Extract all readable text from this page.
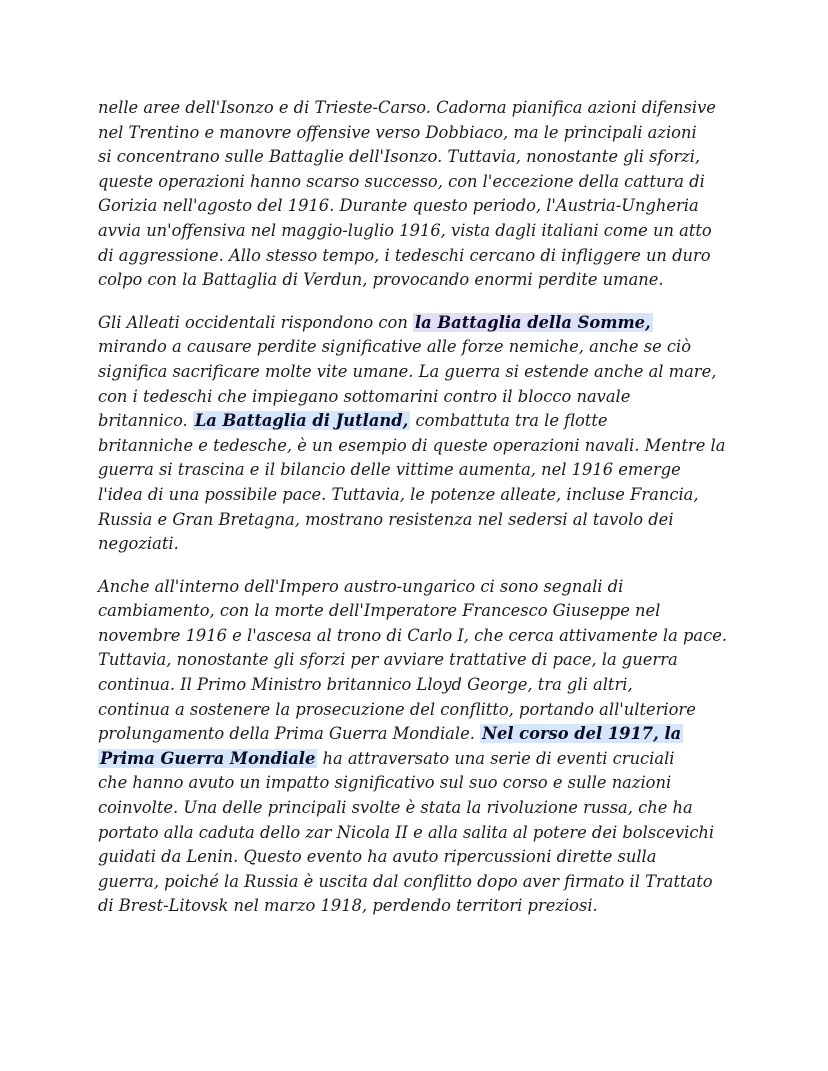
nelle aree dell'Isonzo e di Trieste-Carso. Cadorna pianifica azioni difensive
nel Trentino e manovre offensive verso Dobbiaco, ma le principali azioni
si concentrano sulle Battaglie dell'Isonzo. Tuttavia, nonostante gli sforzi,
queste operazioni hanno scarso successo, con l'eccezione della cattura di
Gorizia nell'agosto del 1916. Durante questo periodo, l'Austria-Ungheria
avvia un'offensiva nel maggio-luglio 1916, vista dagli italiani come un atto
di aggressione. Allo stesso tempo, i tedeschi cercano di infliggere un duro
colpo con la Battaglia di Verdun, provocando enormi perdite umane.

Gli Alleati occidentali rispondono con la Battaglia della Somme,
mirando a causare perdite significative alle forze nemiche, anche se ciò
significa sacrificare molte vite umane. La guerra si estende anche al mare,
con i tedeschi che impiegano sottomarini contro il blocco navale
britannico. La Battaglia di Jutland, combattuta tra le flotte
britanniche e tedesche, è un esempio di queste operazioni navali. Mentre la
guerra si trascina e il bilancio delle vittime aumenta, nel 1916 emerge
l'idea di una possibile pace. Tuttavia, le potenze alleate, incluse Francia,
Russia e Gran Bretagna, mostrano resistenza nel sedersi al tavolo dei
negoziati.

Anche all'interno dell'Impero austro-ungarico ci sono segnali di
cambiamento, con la morte dell'Imperatore Francesco Giuseppe nel
novembre 1916 e l'ascesa al trono di Carlo I, che cerca attivamente la pace.
Tuttavia, nonostante gli sforzi per avviare trattative di pace, la guerra
continua. Il Primo Ministro britannico Lloyd George, tra gli altri,
continua a sostenere la prosecuzione del conflitto, portando all'ulteriore
prolungamento della Prima Guerra Mondiale. Nel corso del 1917, la
Prima Guerra Mondiale ha attraversato una serie di eventi cruciali
che hanno avuto un impatto significativo sul suo corso e sulle nazioni
coinvolte. Una delle principali svolte è stata la rivoluzione russa, che ha
portato alla caduta dello zar Nicola II e alla salita al potere dei bolscevichi
guidati da Lenin. Questo evento ha avuto ripercussioni dirette sulla
guerra, poiché la Russia è uscita dal conflitto dopo aver firmato il Trattato
di Brest-Litovsk nel marzo 1918, perdendo territori preziosi.
